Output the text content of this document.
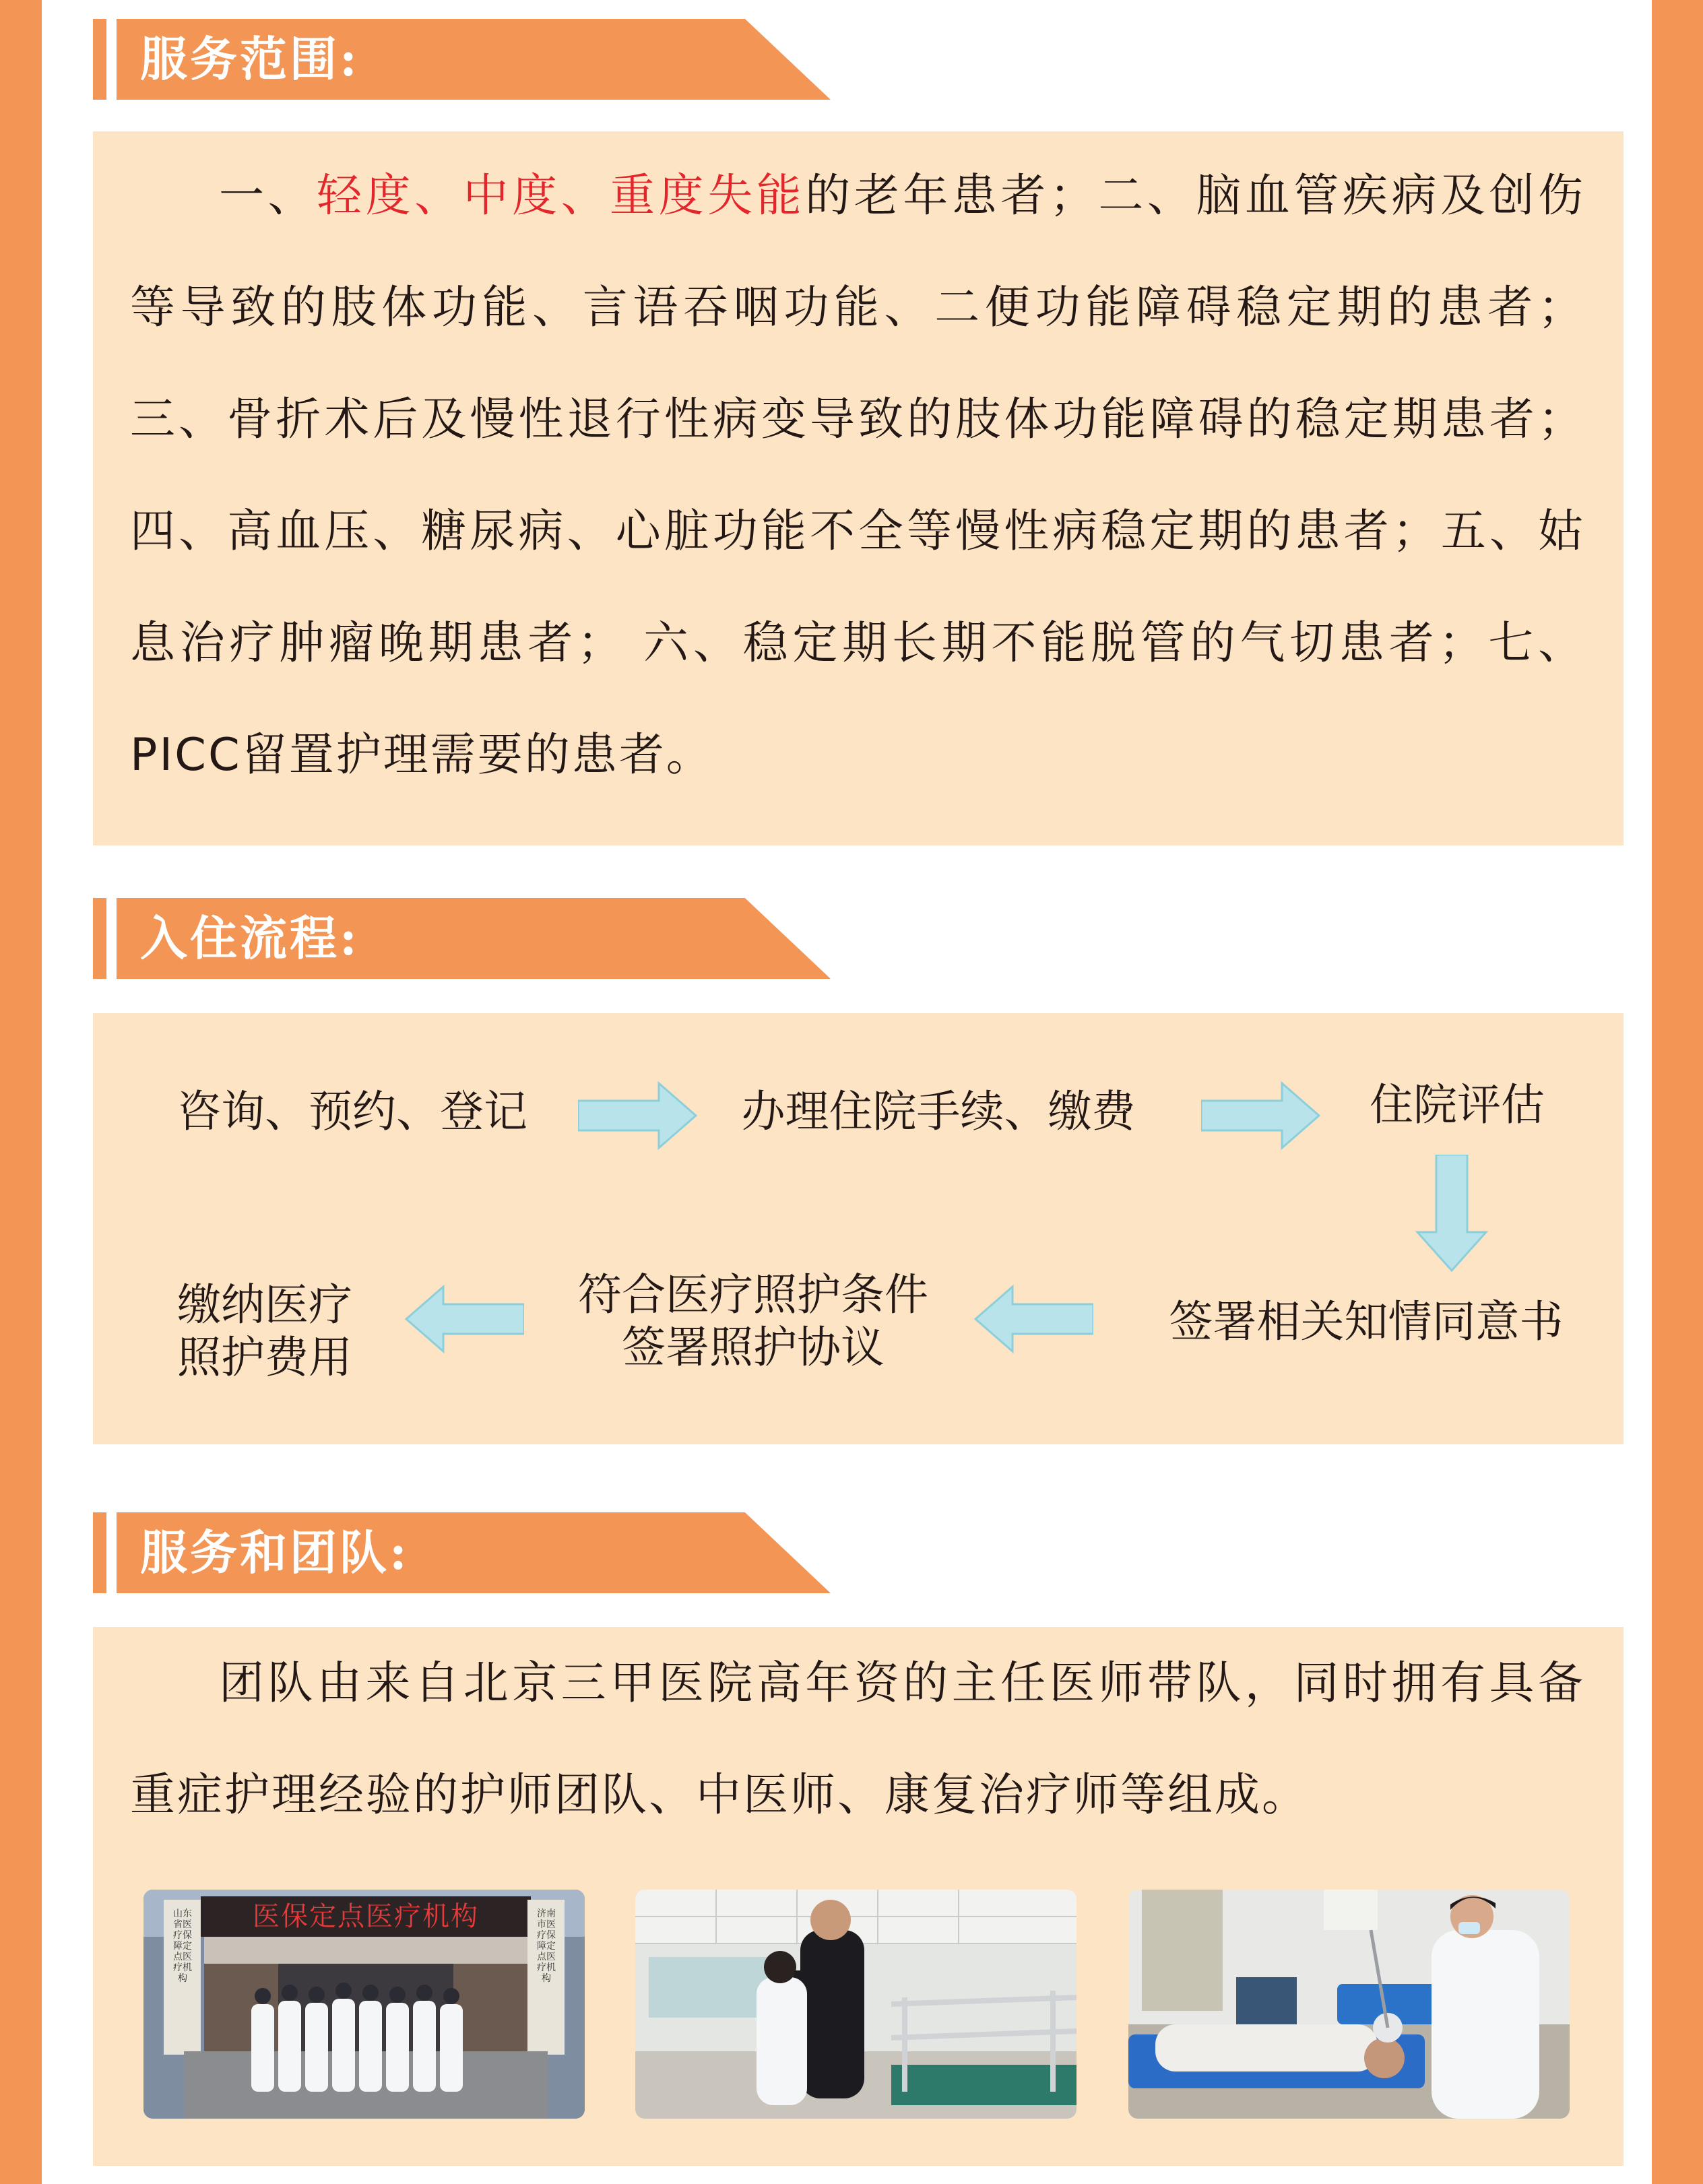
服务范围:

一、轻度、中度、重度失能的老年患者；二、脑血管疾病及创伤等导致的肢体功能、言语吞咽功能、二便功能障碍稳定期的患者；三、骨折术后及慢性退行性病变导致的肢体功能障碍的稳定期患者；四、高血压、糖尿病、心脏功能不全等慢性病稳定期的患者；五、姑息治疗肿瘤晚期患者； 六、稳定期长期不能脱管的气切患者；七、PICC留置护理需要的患者。

入住流程:
咨询、预约、登记	办理住院手续、缴费	住院评估
签署相关知情同意书
符合医疗照护条件
签署照护协议
缴纳医疗
照护费用
服务和团队:

团队由来自北京三甲医院高年资的主任医师带队，同时拥有具备重症护理经验的护师团队、中医师、康复治疗师等组成。

医保定点医疗机构
山东省医疗保障定点医疗机构
济南市医疗保障定点医疗机构
